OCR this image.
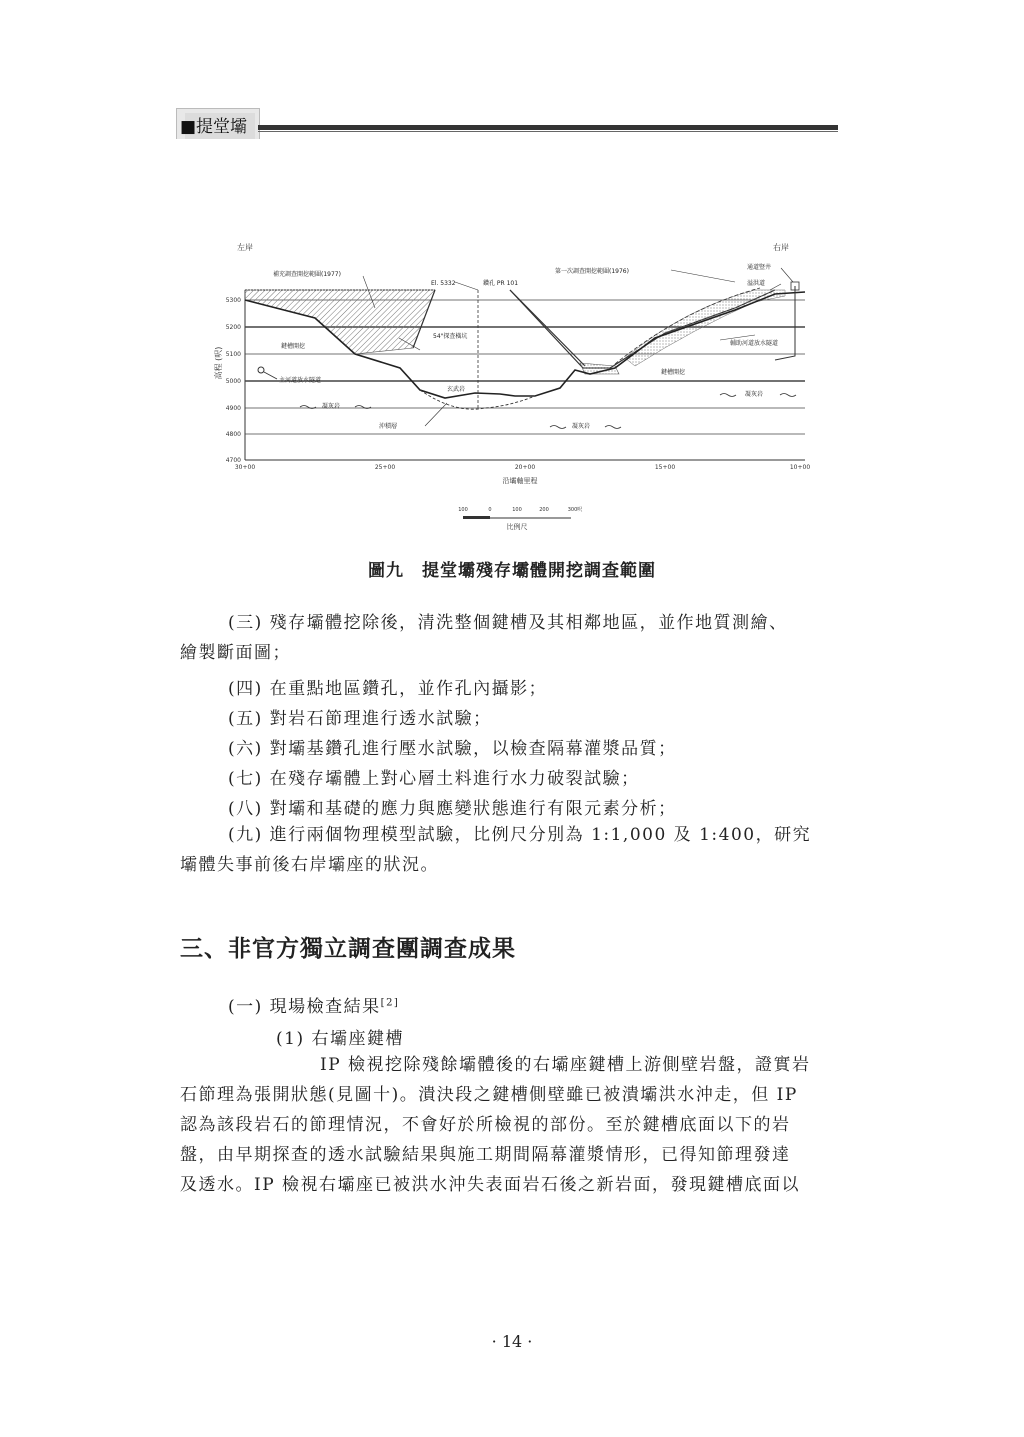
■提堂壩
5300
5200
5100
5000
4900
4800
4700
高程 (呎)
30+00	25+00	20+00	15+00	10+00
沿壩軸里程
左岸	右岸
補充調查開挖範圍(1977)
El. 5332	鑽孔 PR 101
第一次調查開挖範圍(1976)
通道豎井
溢洪道
輔助河道放水隧道
鍵槽開挖
鍵槽開挖
54"探查橫坑
主河道放水隧道
玄武岩
凝灰岩
凝灰岩
凝灰岩
沖積層
100	0	100	200	300呎
比例尺
圖九　提堂壩殘存壩體開挖調查範圍
(三) 殘存壩體挖除後，清洗整個鍵槽及其相鄰地區，並作地質測繪、
繪製斷面圖；
(四) 在重點地區鑽孔，並作孔內攝影；
(五) 對岩石節理進行透水試驗；
(六) 對壩基鑽孔進行壓水試驗，以檢查隔幕灌漿品質；
(七) 在殘存壩體上對心層土料進行水力破裂試驗；
(八) 對壩和基礎的應力與應變狀態進行有限元素分析；
(九) 進行兩個物理模型試驗，比例尺分別為 1:1,000 及 1:400，研究
壩體失事前後右岸壩座的狀況。
三、非官方獨立調查團調查成果
(一) 現場檢查結果[2]
(1) 右壩座鍵槽
IP 檢視挖除殘餘壩體後的右壩座鍵槽上游側壁岩盤，證實岩
石節理為張開狀態(見圖十)。潰決段之鍵槽側壁雖已被潰壩洪水沖走，但 IP
認為該段岩石的節理情況，不會好於所檢視的部份。至於鍵槽底面以下的岩
盤，由早期探查的透水試驗結果與施工期間隔幕灌漿情形，已得知節理發達
及透水。IP 檢視右壩座已被洪水沖失表面岩石後之新岩面，發現鍵槽底面以
· 14 ·
